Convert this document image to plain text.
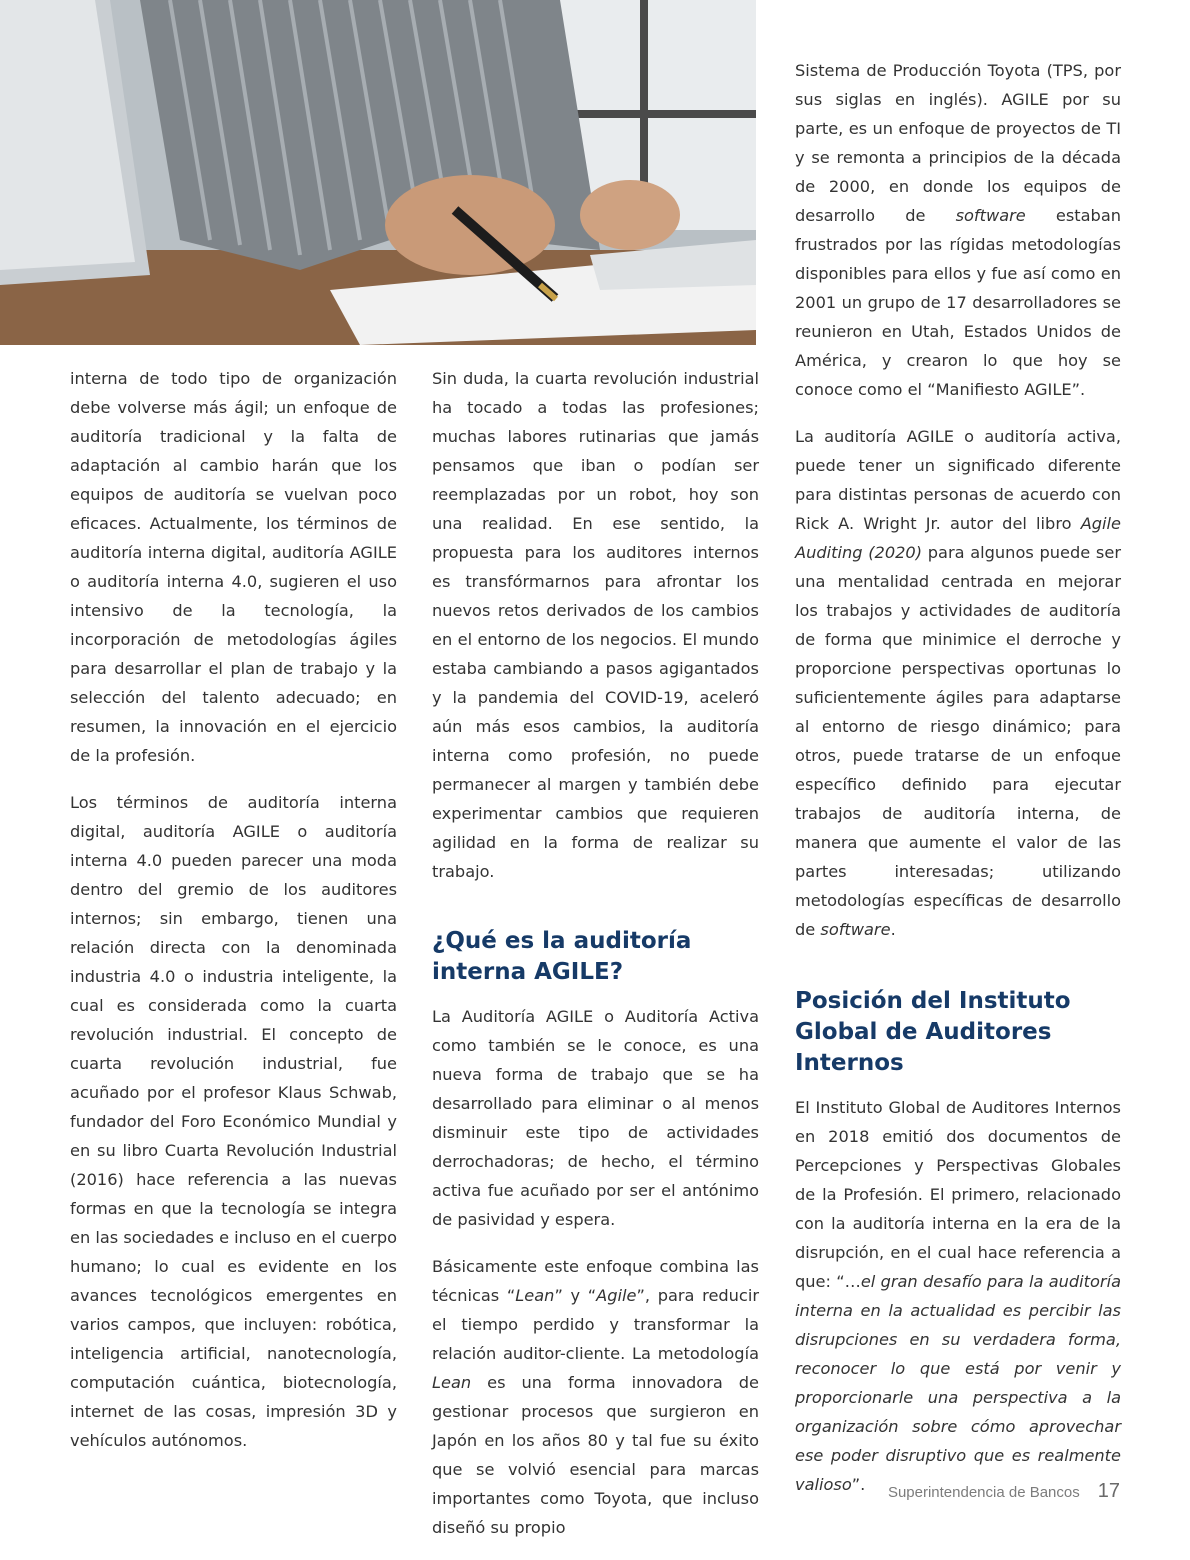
interna de todo tipo de organización debe volverse más ágil; un enfoque de auditoría tradicional y la falta de adaptación al cambio harán que los equipos de auditoría se vuelvan poco eficaces. Actualmente, los términos de auditoría interna digital, auditoría AGILE o auditoría interna 4.0, sugieren el uso intensivo de la tecnología, la incorporación de metodologías ágiles para desarrollar el plan de trabajo y la selección del talento adecuado; en resumen, la innovación en el ejercicio de la profesión.

Los términos de auditoría interna digital, auditoría AGILE o auditoría interna 4.0 pueden parecer una moda dentro del gremio de los auditores internos; sin embargo, tienen una relación directa con la denominada industria 4.0 o industria inteligente, la cual es considerada como la cuarta revolución industrial. El concepto de cuarta revolución industrial, fue acuñado por el profesor Klaus Schwab, fundador del Foro Económico Mundial y en su libro Cuarta Revolución Industrial (2016) hace referencia a las nuevas formas en que la tecnología se integra en las sociedades e incluso en el cuerpo humano; lo cual es evidente en los avances tecnológicos emergentes en varios campos, que incluyen: robótica, inteligencia artificial, nanotecnología, computación cuántica, biotecnología, internet de las cosas, impresión 3D y vehículos autónomos.

Sin duda, la cuarta revolución industrial ha tocado a todas las profesiones; muchas labores rutinarias que jamás pensamos que iban o podían ser reemplazadas por un robot, hoy son una realidad. En ese sentido, la propuesta para los auditores internos es transfórmarnos para afrontar los nuevos retos derivados de los cambios en el entorno de los negocios. El mundo estaba cambiando a pasos agigantados y la pandemia del COVID-19, aceleró aún más esos cambios, la auditoría interna como profesión, no puede permanecer al margen y también debe experimentar cambios que requieren agilidad en la forma de realizar su trabajo.

¿Qué es la auditoría interna AGILE?

La Auditoría AGILE o Auditoría Activa como también se le conoce, es una nueva forma de trabajo que se ha desarrollado para eliminar o al menos disminuir este tipo de actividades derrochadoras; de hecho, el término activa fue acuñado por ser el antónimo de pasividad y espera.

Básicamente este enfoque combina las técnicas “Lean” y “Agile”, para reducir el tiempo perdido y transformar la relación auditor-cliente. La metodología Lean es una forma innovadora de gestionar procesos que surgieron en Japón en los años 80 y tal fue su éxito que se volvió esencial para marcas importantes como Toyota, que incluso diseñó su propio

Sistema de Producción Toyota (TPS, por sus siglas en inglés). AGILE por su parte, es un enfoque de proyectos de TI y se remonta a principios de la década de 2000, en donde los equipos de desarrollo de software estaban frustrados por las rígidas metodologías disponibles para ellos y fue así como en 2001 un grupo de 17 desarrolladores se reunieron en Utah, Estados Unidos de América, y crearon lo que hoy se conoce como el “Manifiesto AGILE”.

La auditoría AGILE o auditoría activa, puede tener un significado diferente para distintas personas de acuerdo con Rick A. Wright Jr. autor del libro Agile Auditing (2020) para algunos puede ser una mentalidad centrada en mejorar los trabajos y actividades de auditoría de forma que minimice el derroche y proporcione perspectivas oportunas lo suficientemente ágiles para adaptarse al entorno de riesgo dinámico; para otros, puede tratarse de un enfoque específico definido para ejecutar trabajos de auditoría interna, de manera que aumente el valor de las partes interesadas; utilizando metodologías específicas de desarrollo de software.

Posición del Instituto Global de Auditores Internos

El Instituto Global de Auditores Internos en 2018 emitió dos documentos de Percepciones y Perspectivas Globales de la Profesión. El primero, relacionado con la auditoría interna en la era de la disrupción, en el cual hace referencia a que: “…el gran desafío para la auditoría interna en la actualidad es percibir las disrupciones en su verdadera forma, reconocer lo que está por venir y proporcionarle una perspectiva a la organización sobre cómo aprovechar ese poder disruptivo que es realmente valioso”.	Superintendencia de Bancos 17
